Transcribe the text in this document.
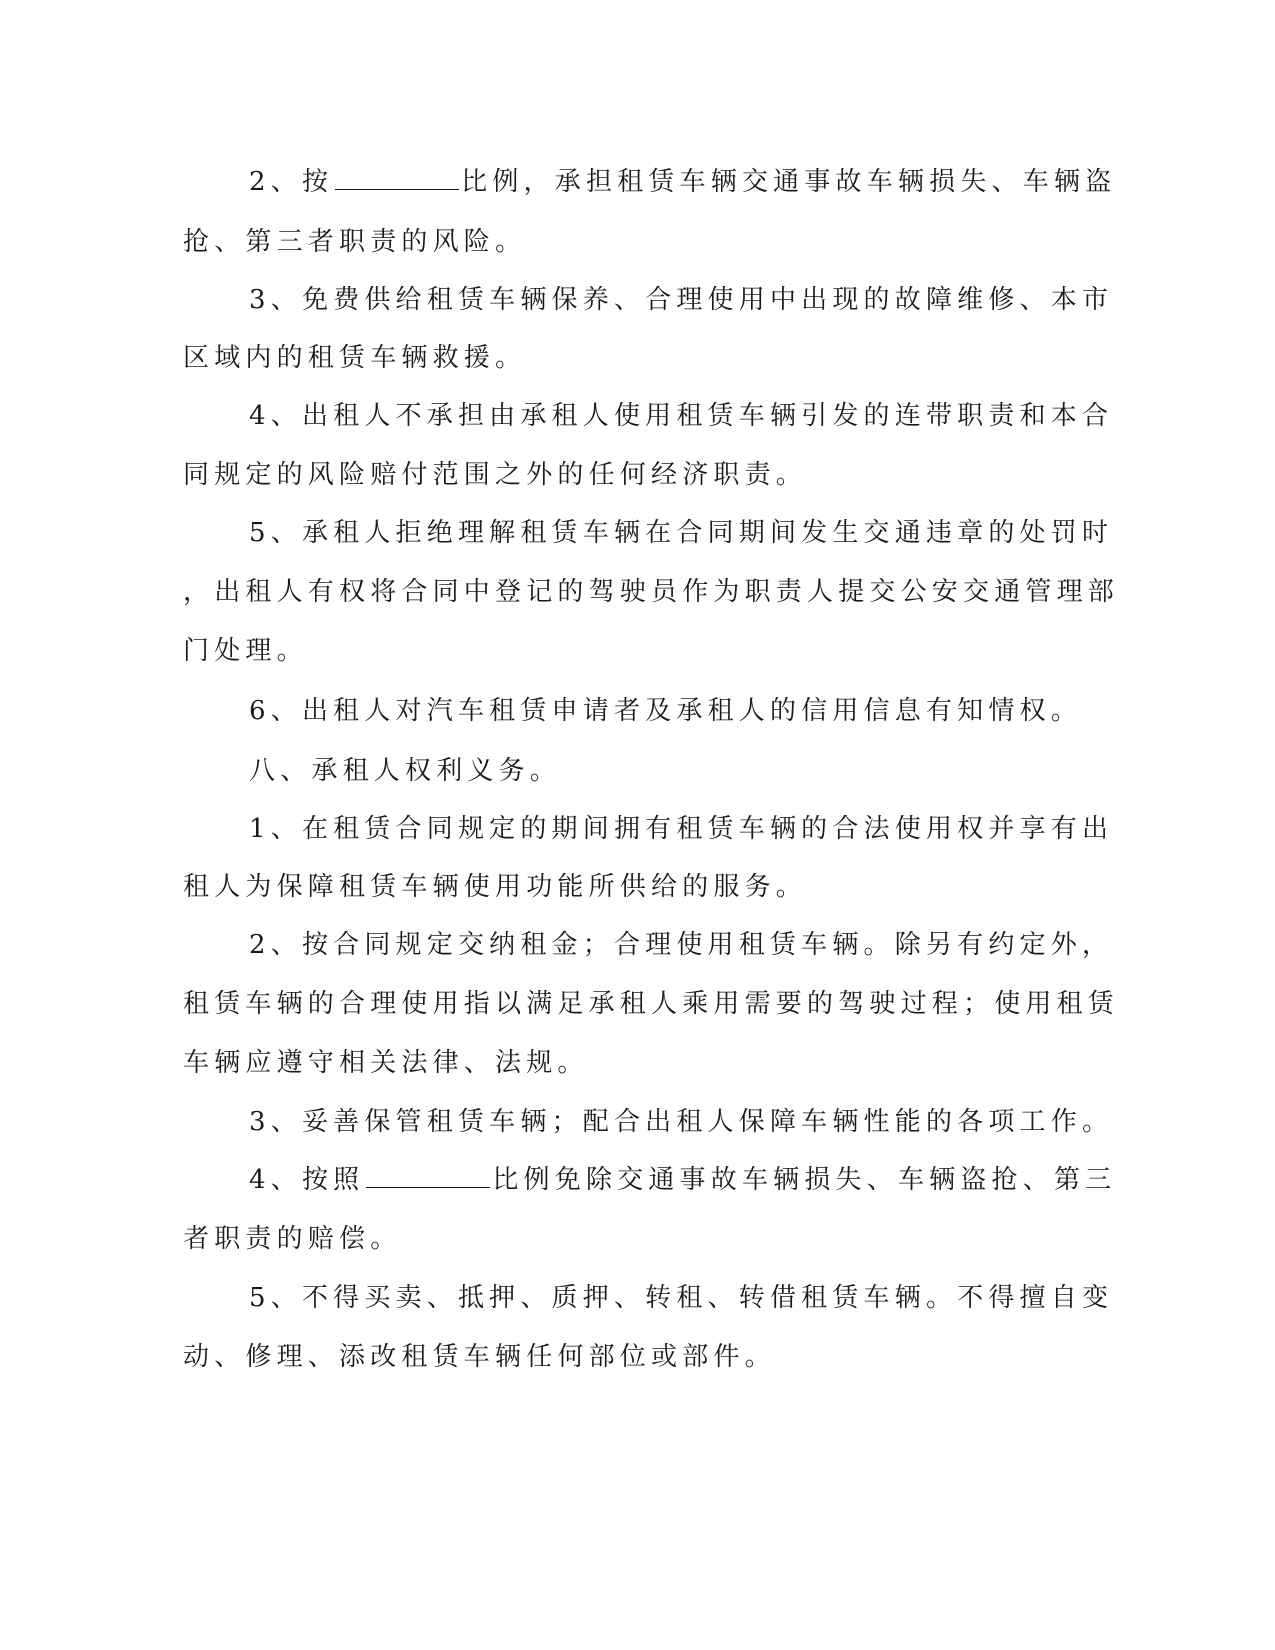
2、按	比例，承担租赁车辆交通事故车辆损失、车辆盗
抢、第三者职责的风险。
3、免费供给租赁车辆保养、合理使用中出现的故障维修、本市
区域内的租赁车辆救援。
4、出租人不承担由承租人使用租赁车辆引发的连带职责和本合
同规定的风险赔付范围之外的任何经济职责。
5、承租人拒绝理解租赁车辆在合同期间发生交通违章的处罚时
，出租人有权将合同中登记的驾驶员作为职责人提交公安交通管理部
门处理。
6、出租人对汽车租赁申请者及承租人的信用信息有知情权。
八、承租人权利义务。
1、在租赁合同规定的期间拥有租赁车辆的合法使用权并享有出
租人为保障租赁车辆使用功能所供给的服务。
2、按合同规定交纳租金；合理使用租赁车辆。除另有约定外，
租赁车辆的合理使用指以满足承租人乘用需要的驾驶过程；使用租赁
车辆应遵守相关法律、法规。
3、妥善保管租赁车辆；配合出租人保障车辆性能的各项工作。
4、按照	比例免除交通事故车辆损失、车辆盗抢、第三
者职责的赔偿。
5、不得买卖、抵押、质押、转租、转借租赁车辆。不得擅自变
动、修理、添改租赁车辆任何部位或部件。
